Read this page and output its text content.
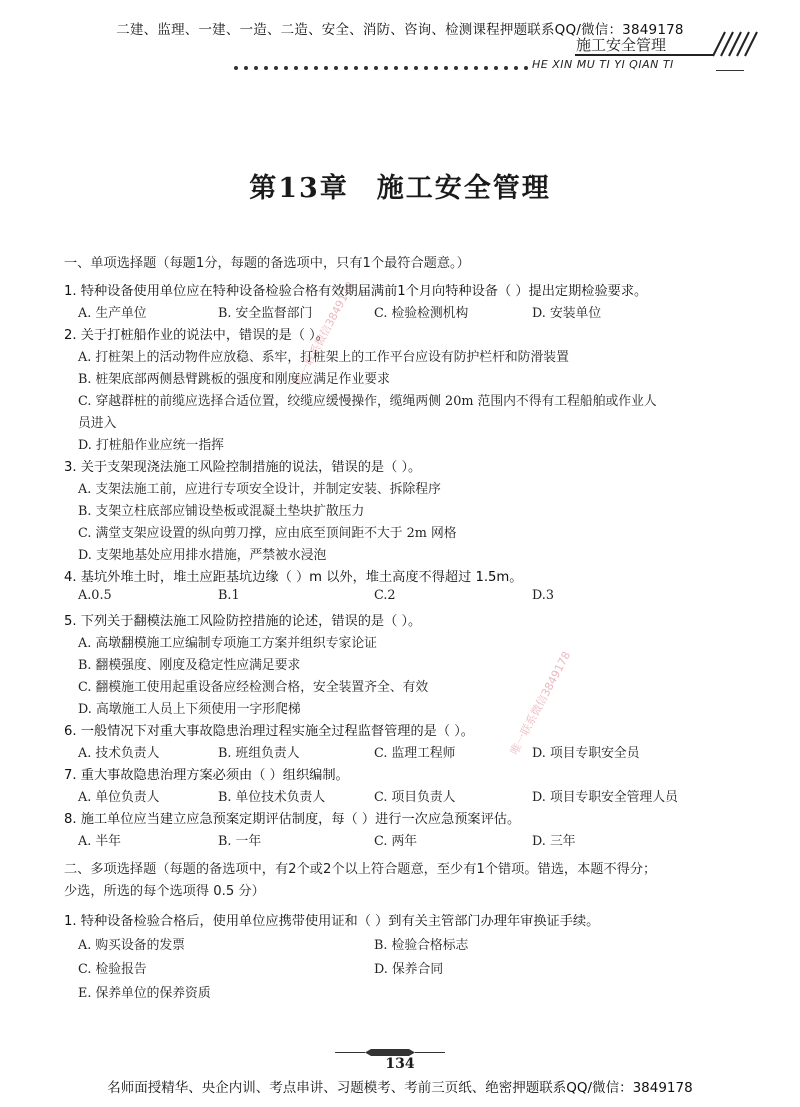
二建、监理、一建、一造、二造、安全、消防、咨询、检测课程押题联系QQ/微信：3849178
施工安全管理
HE XIN MU TI YI QIAN TI
第13章 施工安全管理
唯一联系微信3849178
唯一联系微信3849178
一、单项选择题（每题1分，每题的备选项中，只有1个最符合题意。）
1. 特种设备使用单位应在特种设备检验合格有效期届满前1个月向特种设备（ ）提出定期检验要求。
A. 生产单位	B. 安全监督部门	C. 检验检测机构	D. 安装单位
2. 关于打桩船作业的说法中，错误的是（ ）。
A. 打桩架上的活动物件应放稳、系牢，打桩架上的工作平台应设有防护栏杆和防滑装置
B. 桩架底部两侧悬臂跳板的强度和刚度应满足作业要求
C. 穿越群桩的前缆应选择合适位置，绞缆应缓慢操作，缆绳两侧 20m 范围内不得有工程船舶或作业人
员进入
D. 打桩船作业应统一指挥
3. 关于支架现浇法施工风险控制措施的说法，错误的是（ ）。
A. 支架法施工前，应进行专项安全设计，并制定安装、拆除程序
B. 支架立柱底部应铺设垫板或混凝土垫块扩散压力
C. 满堂支架应设置的纵向剪刀撑，应由底至顶间距不大于 2m 网格
D. 支架地基处应用排水措施，严禁被水浸泡
4. 基坑外堆土时，堆土应距基坑边缘（ ）m 以外，堆土高度不得超过 1.5m。
A.0.5	B.1	C.2	D.3
5. 下列关于翻模法施工风险防控措施的论述，错误的是（ ）。
A. 高墩翻模施工应编制专项施工方案并组织专家论证
B. 翻模强度、刚度及稳定性应满足要求
C. 翻模施工使用起重设备应经检测合格，安全装置齐全、有效
D. 高墩施工人员上下须使用一字形爬梯
6. 一般情况下对重大事故隐患治理过程实施全过程监督管理的是（ ）。
A. 技术负责人	B. 班组负责人	C. 监理工程师	D. 项目专职安全员
7. 重大事故隐患治理方案必须由（ ）组织编制。
A. 单位负责人	B. 单位技术负责人	C. 项目负责人	D. 项目专职安全管理人员
8. 施工单位应当建立应急预案定期评估制度，每（ ）进行一次应急预案评估。
A. 半年	B. 一年	C. 两年	D. 三年
二、多项选择题（每题的备选项中，有2个或2个以上符合题意，至少有1个错项。错选，本题不得分；
少选，所选的每个选项得 0.5 分）
1. 特种设备检验合格后，使用单位应携带使用证和（ ）到有关主管部门办理年审换证手续。
A. 购买设备的发票	B. 检验合格标志
C. 检验报告	D. 保养合同
E. 保养单位的保养资质
134
名师面授精华、央企内训、考点串讲、习题模考、考前三页纸、绝密押题联系QQ/微信：3849178
